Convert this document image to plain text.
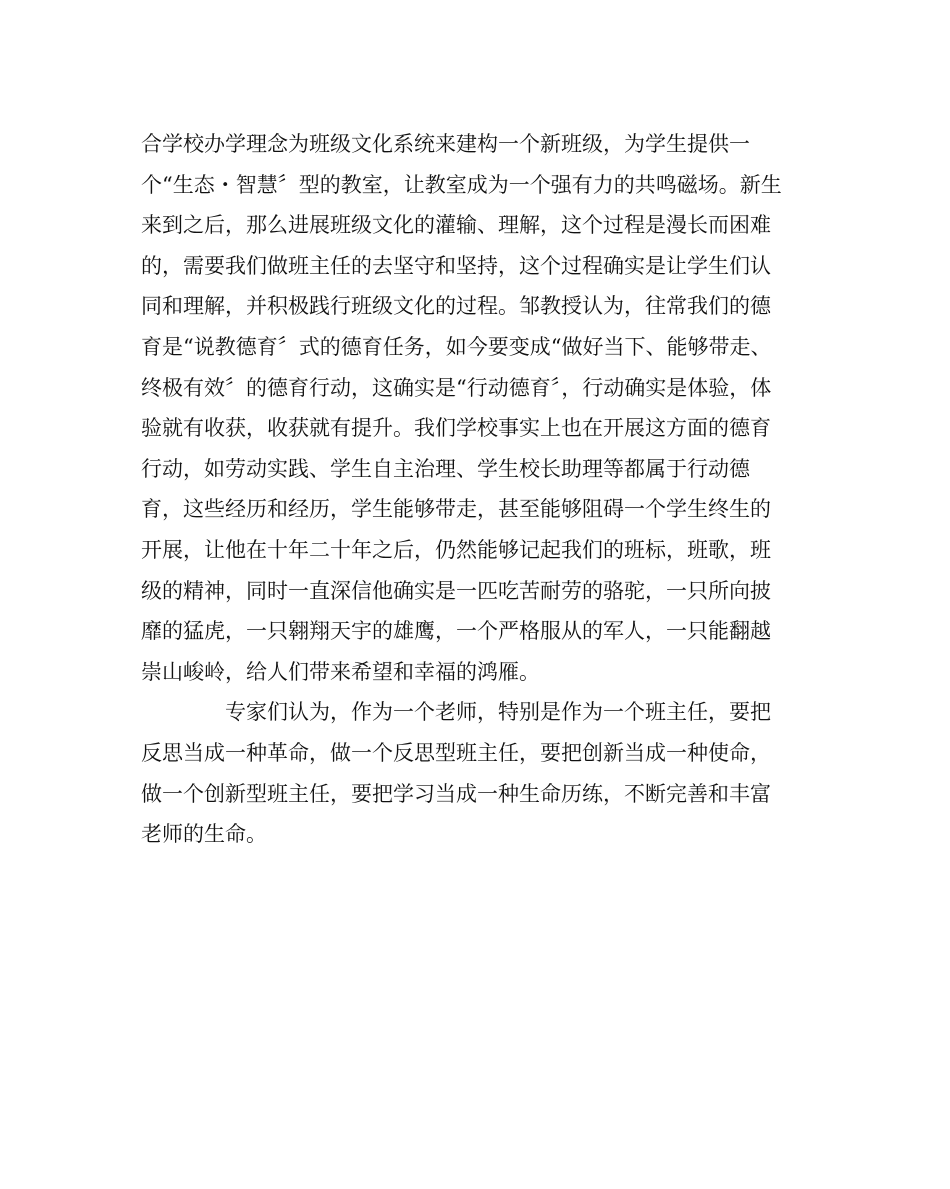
合学校办学理念为班级文化系统来建构一个新班级，为学生提供一
个“生态・智慧〞型的教室，让教室成为一个强有力的共鸣磁场。新生
来到之后，那么进展班级文化的灌输、理解，这个过程是漫长而困难
的，需要我们做班主任的去坚守和坚持，这个过程确实是让学生们认
同和理解，并积极践行班级文化的过程。邹教授认为，往常我们的德
育是“说教德育〞式的德育任务，如今要变成“做好当下、能够带走、
终极有效〞的德育行动，这确实是“行动德育〞，行动确实是体验，体
验就有收获，收获就有提升。我们学校事实上也在开展这方面的德育
行动，如劳动实践、学生自主治理、学生校长助理等都属于行动德
育，这些经历和经历，学生能够带走，甚至能够阻碍一个学生终生的
开展，让他在十年二十年之后，仍然能够记起我们的班标，班歌，班
级的精神，同时一直深信他确实是一匹吃苦耐劳的骆驼，一只所向披
靡的猛虎，一只翱翔天宇的雄鹰，一个严格服从的军人，一只能翻越
崇山峻岭，给人们带来希望和幸福的鸿雁。
专家们认为，作为一个老师，特别是作为一个班主任，要把
反思当成一种革命，做一个反思型班主任，要把创新当成一种使命，
做一个创新型班主任，要把学习当成一种生命历练，不断完善和丰富
老师的生命。
